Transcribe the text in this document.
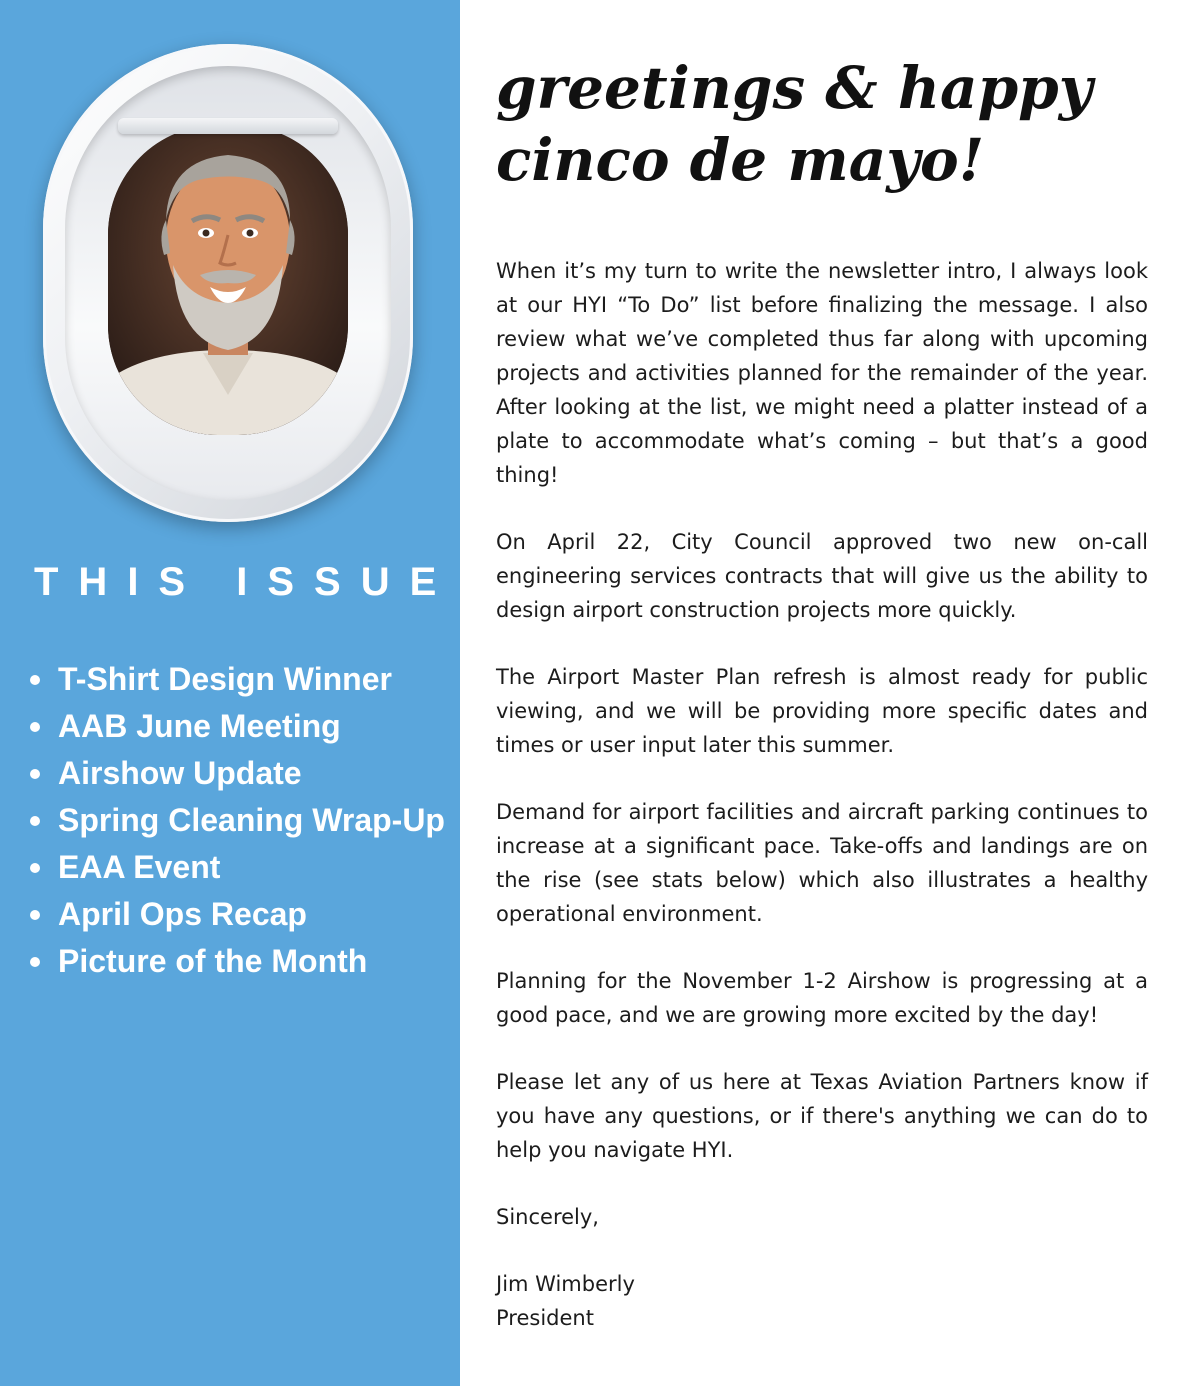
THIS ISSUE:
T-Shirt Design Winner
AAB June Meeting
Airshow Update
Spring Cleaning Wrap-Up
EAA Event
April Ops Recap
Picture of the Month
greetings & happy
cinco de mayo!

When it’s my turn to write the newsletter intro, I always look at our HYI “To Do” list before finalizing the message. I also review what we’ve completed thus far along with upcoming projects and activities planned for the remainder of the year. After looking at the list, we might need a platter instead of a plate to accommodate what’s coming – but that’s a good thing!

On April 22, City Council approved two new on-call engineering services contracts that will give us the ability to design airport construction projects more quickly.

The Airport Master Plan refresh is almost ready for public viewing, and we will be providing more specific dates and times or user input later this summer.

Demand for airport facilities and aircraft parking continues to increase at a significant pace. Take-offs and landings are on the rise (see stats below) which also illustrates a healthy operational environment.

Planning for the November 1-2 Airshow is progressing at a good pace, and we are growing more excited by the day!

Please let any of us here at Texas Aviation Partners know if you have any questions, or if there's anything we can do to help you navigate HYI.

Sincerely,

Jim Wimberly
President
